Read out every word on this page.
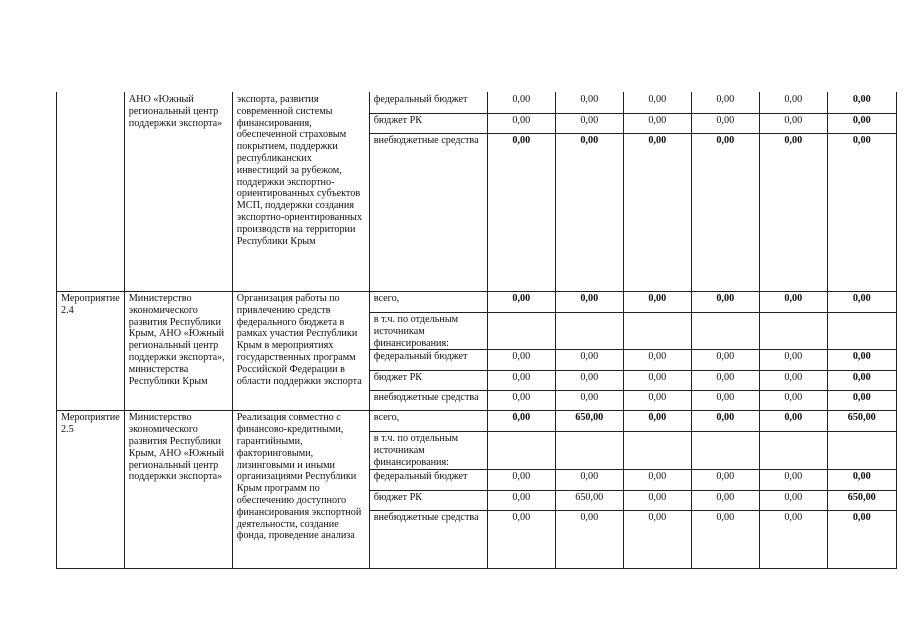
	АНО «Южный региональный центр поддержки экспорта»	экспорта, развития современной системы финансирования, обеспеченной страховым покрытием, поддержки республиканских инвестиций за рубежом, поддержки экспортно-ориентированных субъектов МСП, поддержки создания экспортно-ориентированных производств на территории Республики Крым	федеральный бюджет	0,00	0,00	0,00	0,00	0,00	0,00
			бюджет РК	0,00	0,00	0,00	0,00	0,00	0,00
			внебюджетные средства	0,00	0,00	0,00	0,00	0,00	0,00

Мероприятие 2.4	Министерство экономического развития Республики Крым, АНО «Южный региональный центр поддержки экспорта», министерства Республики Крым	Организация работы по привлечению средств федерального бюджета в рамках участия Республики Крым в мероприятиях государственных программ Российской Федерации в области поддержки экспорта	всего,	0,00	0,00	0,00	0,00	0,00	0,00
			в т.ч. по отдельным источникам финансирования:						
			федеральный бюджет	0,00	0,00	0,00	0,00	0,00	0,00
			бюджет РК	0,00	0,00	0,00	0,00	0,00	0,00
			внебюджетные средства	0,00	0,00	0,00	0,00	0,00	0,00

Мероприятие 2.5	Министерство экономического развития Республики Крым, АНО «Южный региональный центр поддержки экспорта»	Реализация совместно с финансово-кредитными, гарантийными, факторинговыми, лизинговыми и иными организациями Республики Крым программ по обеспечению доступного финансирования экспортной деятельности, создание фонда, проведение анализа	всего,	0,00	650,00	0,00	0,00	0,00	650,00
			в т.ч. по отдельным источникам финансирования:						
			федеральный бюджет	0,00	0,00	0,00	0,00	0,00	0,00
			бюджет РК	0,00	650,00	0,00	0,00	0,00	650,00
			внебюджетные средства	0,00	0,00	0,00	0,00	0,00	0,00
